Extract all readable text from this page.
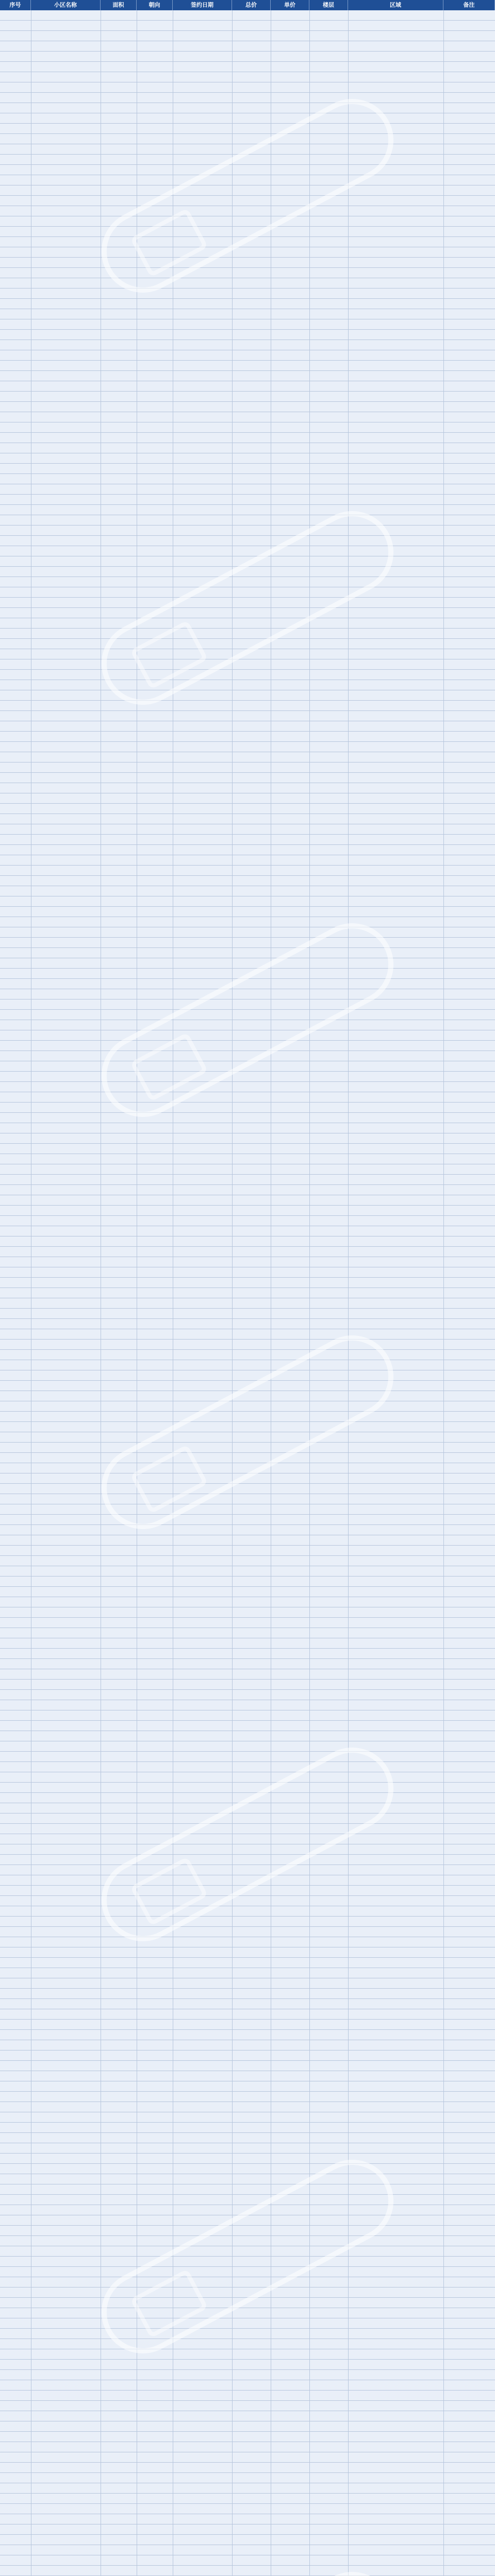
序号	小区名称	面积	朝向	签约日期	总价	单价	楼层	区域	备注
